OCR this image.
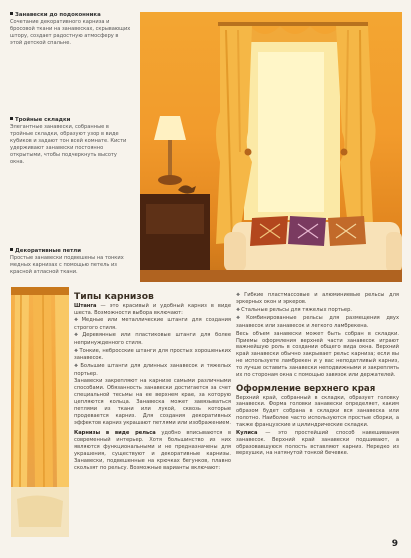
Занавески до подоконника
Сочетание декоративного карниза и бросовой ткани на занавесках, скрывающих штору, создает радостную атмосферу в этой детской спальне.
Тройные складки
Элегантные занавески, собранные в тройные складки, образуют узор в виде кубиков и задают тон всей комнате. Кисти удерживают занавески постоянно открытыми, чтобы подчеркнуть высоту окна.
Декоративные петли
Простые занавески подвешены на тонких медных карнизах с помощью петель из красной атласной ткани.
Типы карнизов
Штанга — это красивый и удобный карниз в виде шеста. Возможности выбора включают:
❖ Медные или металлические штанги для создания строгого стиля.
❖ Деревянные или пластиковые штанги для более непринужденного стиля.
❖ Тонкие, небросские штанги для простых хорошеньких занавесок.
❖ Большие штанги для длинных занавесок и тяжелых портьер.
Занавески закрепляют на карнизе самыми различными способами. Обязанность занавески достигается за счет специальной тесьмы на ее верхнем крае, за которую цепляются кольца. Занавеска может завязываться петлями из ткани или лукой, сквозь которые продевается карниз. Для создания декоративных эффектов карниз украшают петлями или изображением.
Карнизы в виде рельса удобно вписываются в современный интерьер. Хотя большинство из них являются функциональными и не предназначены для украшения, существуют и декоративные карнизы. Занавески, подвешенные на крючках бегунков, плавно скользят по рельсу. Возможные варианты включают:
❖ Гибкие пластмассовые и алюминиевые рельсы для эркерных окон и эркеров.
❖ Стальные рельсы для тяжелых портьер.
❖ Комбинированные рельсы для размещения двух занавесок или занавесок и легкого ламбрекена.
Весь объем занавески может быть собран в складки. Приемы оформления верхней части занавесок играют важнейшую роль в создании общего вида окна. Верхний край занавески обычно закрывает рельс карниза; если вы не используете ламбрекен и у вас неподатливый карниз, то лучше оставить занавески неподвижными и закреплять их по сторонам окна с помощью завязок или держателей.
Оформление верхнего края
Верхний край, собранный в складки, образует головку занавески. Форма головки занавески определяет, каким образом будет собрана в складки вся занавеска или полотно. Наиболее часто используются простые сборки, а также французские и цилиндрические складки.
Кулиса — это простейший способ навешивания занавесок. Верхний край занавески подшивают, а образовавшуюся полость вставляют карниз. Нередко из верхушки, на натянутой тонкой бечевке.
9
